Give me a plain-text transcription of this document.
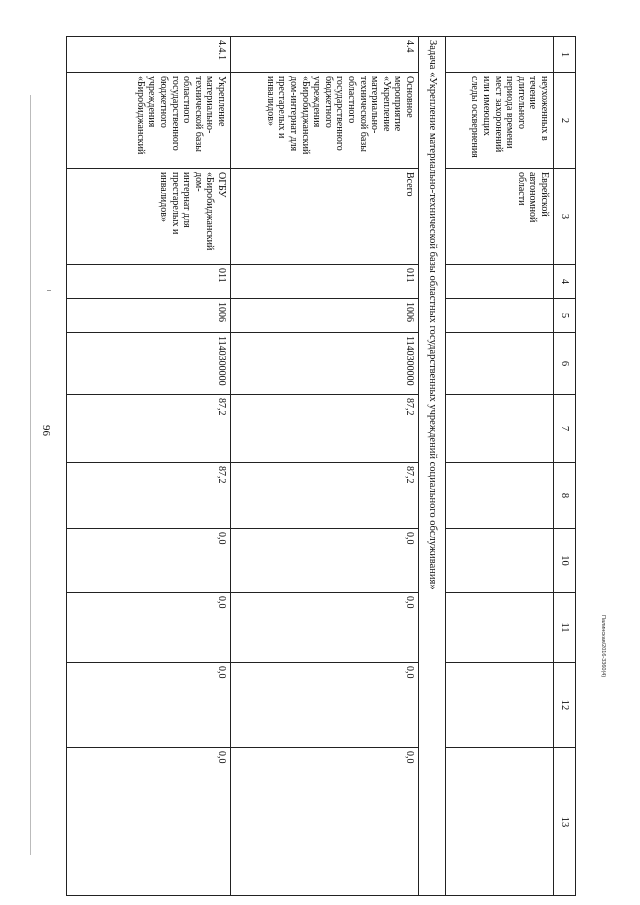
96
Палинская/2016-3360(4)
1
2
3
4
5
6
7
8
10
11
12
13
неухоженных в
течение
длительного
периода времени
мест захоронений
или имеющих
следы осквернения
Еврейской
автономной
области
Задача «Укрепление материально-технической базы областных государственных учреждений социального обслуживания»
4.4
Основное
мероприятие
«Укрепление
материально-
технической базы
областного
государственного
бюджетного
учреждения
«Биробиджанский
дом-интернат для
престарелых и
инвалидов»
Всего
011
1006
1140300000
87,2
87,2
0,0
0,0
0,0
0,0
4.4.1
Укрепление
материально-
технической базы
областного
государственного
бюджетного
учреждения
«Биробиджанский
ОГБУ
«Биробиджанский дом-
интернат для
престарелых и
инвалидов»
011
1006
1140300000
87,2
87,2
0,0
0,0
0,0
0,0
